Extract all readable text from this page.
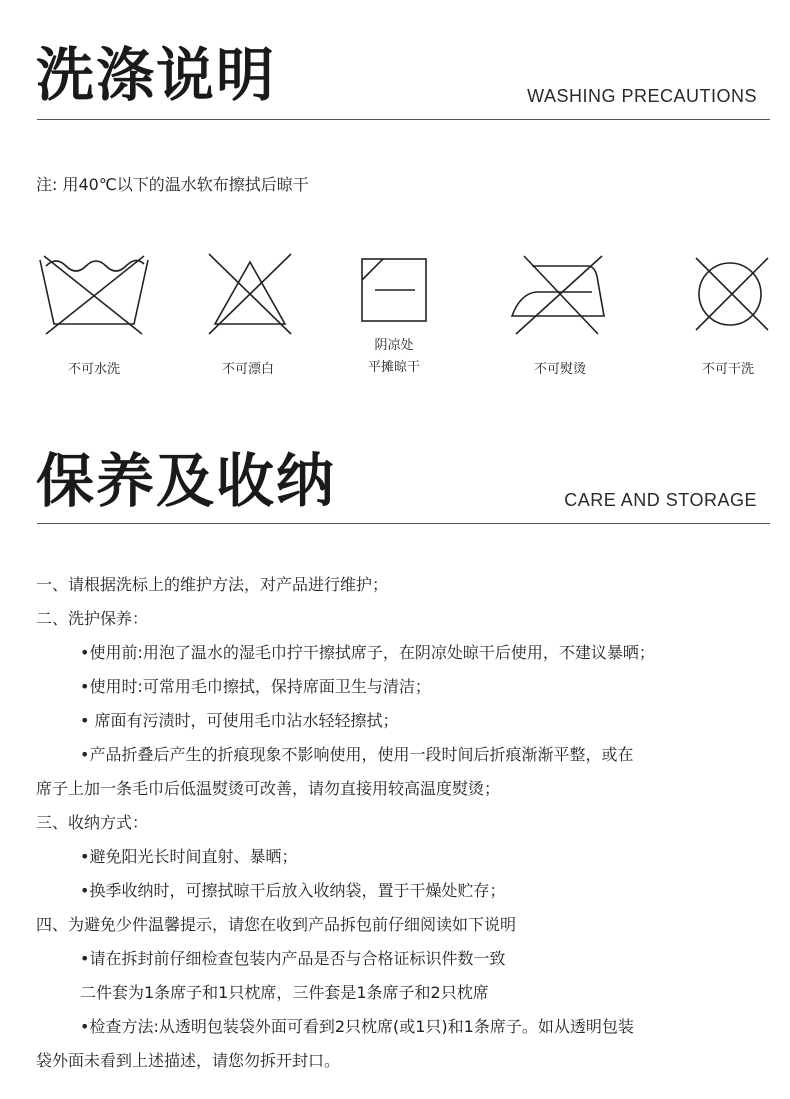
洗涤说明	WASHING PRECAUTIONS
注: 用40℃以下的温水软布擦拭后晾干
不可水洗	不可漂白
阴凉处
平摊晾干	不可熨烫	不可干洗
保养及收纳	CARE AND STORAGE
一、请根据洗标上的维护方法，对产品进行维护；
二、洗护保养：
•使用前:用泡了温水的湿毛巾拧干擦拭席子，在阴凉处晾干后使用，不建议暴晒；
•使用时:可常用毛巾擦拭，保持席面卫生与清洁；
• 席面有污渍时，可使用毛巾沾水轻轻擦拭；
•产品折叠后产生的折痕现象不影响使用，使用一段时间后折痕渐渐平整，或在
席子上加一条毛巾后低温熨烫可改善，请勿直接用较高温度熨烫；
三、收纳方式：
•避免阳光长时间直射、暴晒；
•换季收纳时，可擦拭晾干后放入收纳袋，置于干燥处贮存；
四、为避免少件温馨提示，请您在收到产品拆包前仔细阅读如下说明
•请在拆封前仔细检查包装内产品是否与合格证标识件数一致
二件套为1条席子和1只枕席，三件套是1条席子和2只枕席
•检查方法:从透明包装袋外面可看到2只枕席(或1只)和1条席子。如从透明包装
袋外面未看到上述描述，请您勿拆开封口。
